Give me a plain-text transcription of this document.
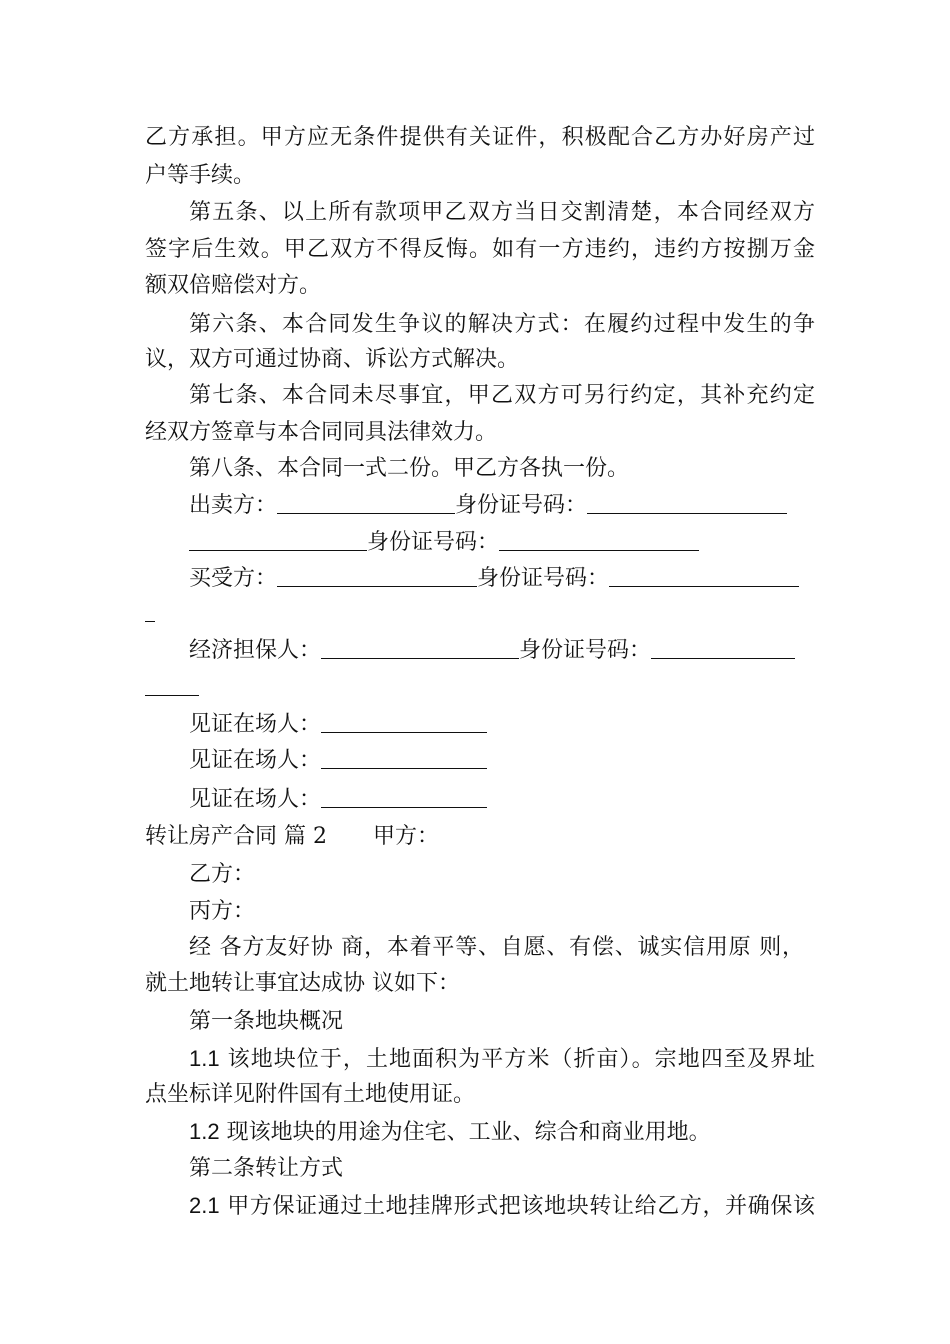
乙方承担。甲方应无条件提供有关证件，积极配合乙方办好房产过
户等手续。
第五条、以上所有款项甲乙双方当日交割清楚，本合同经双方
签字后生效。甲乙双方不得反悔。如有一方违约，违约方按捌万金
额双倍赔偿对方。
第六条、本合同发生争议的解决方式：在履约过程中发生的争
议，双方可通过协商、诉讼方式解决。
第七条、本合同未尽事宜，甲乙双方可另行约定，其补充约定
经双方签章与本合同同具法律效力。
第八条、本合同一式二份。甲乙方各执一份。
出卖方：	身份证号码：
身份证号码：
买受方：	身份证号码：
经济担保人：	身份证号码：
见证在场人：
见证在场人：
见证在场人：
转让房产合同 篇 2 甲方：
乙方：
丙方：
经 各方友好协 商，本着平等、自愿、有偿、诚实信用原 则，
就土地转让事宜达成协 议如下：
第一条地块概况
1.1 该地块位于，土地面积为平方米（折亩）。宗地四至及界址
点坐标详见附件国有土地使用证。
1.2 现该地块的用途为住宅、工业、综合和商业用地。
第二条转让方式
2.1 甲方保证通过土地挂牌形式把该地块转让给乙方，并确保该
